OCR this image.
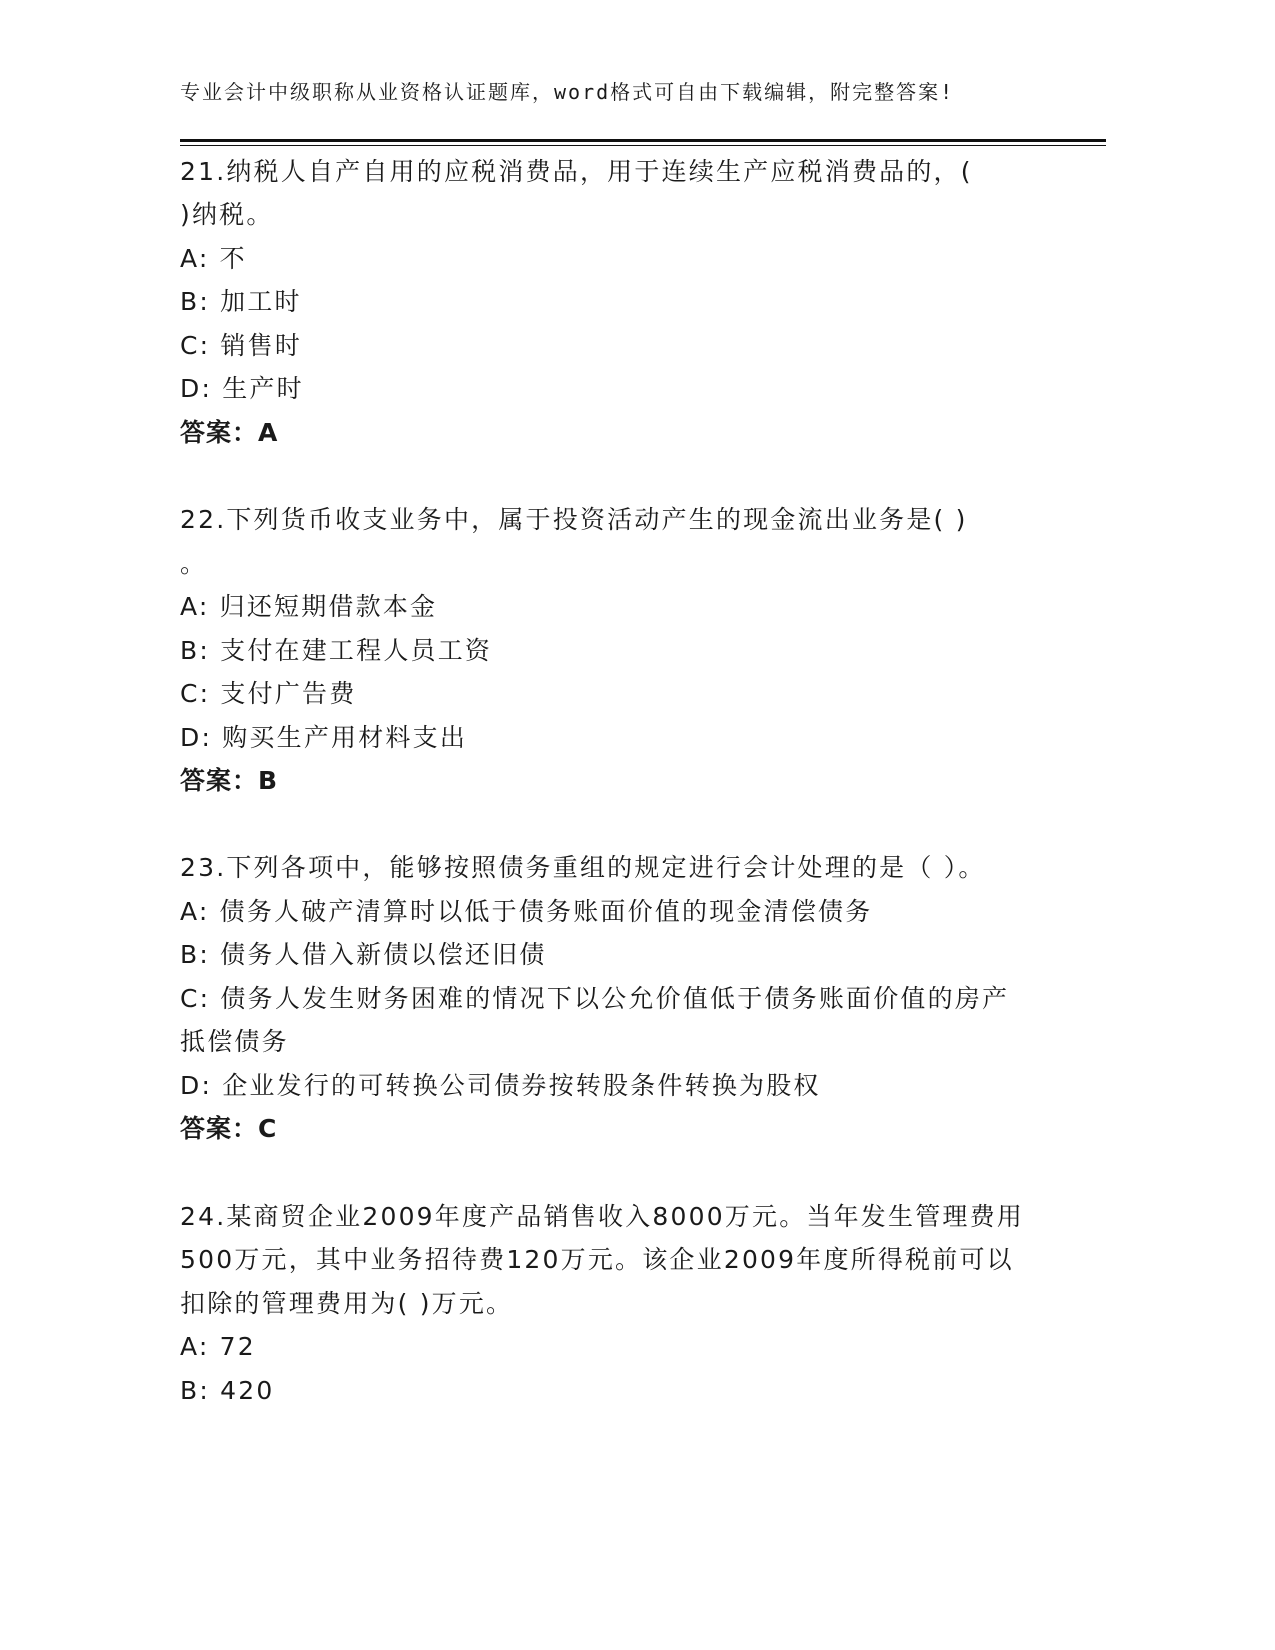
专业会计中级职称从业资格认证题库，word格式可自由下载编辑，附完整答案!
21.纳税人自产自用的应税消费品，用于连续生产应税消费品的，(
)纳税。
A: 不
B: 加工时
C: 销售时
D: 生产时
答案：A
22.下列货币收支业务中，属于投资活动产生的现金流出业务是( )
。
A: 归还短期借款本金
B: 支付在建工程人员工资
C: 支付广告费
D: 购买生产用材料支出
答案：B
23.下列各项中，能够按照债务重组的规定进行会计处理的是（ ）。
A: 债务人破产清算时以低于债务账面价值的现金清偿债务
B: 债务人借入新债以偿还旧债
C: 债务人发生财务困难的情况下以公允价值低于债务账面价值的房产
抵偿债务
D: 企业发行的可转换公司债券按转股条件转换为股权
答案：C
24.某商贸企业2009年度产品销售收入8000万元。当年发生管理费用
500万元，其中业务招待费120万元。该企业2009年度所得税前可以
扣除的管理费用为( )万元。
A: 72
B: 420
